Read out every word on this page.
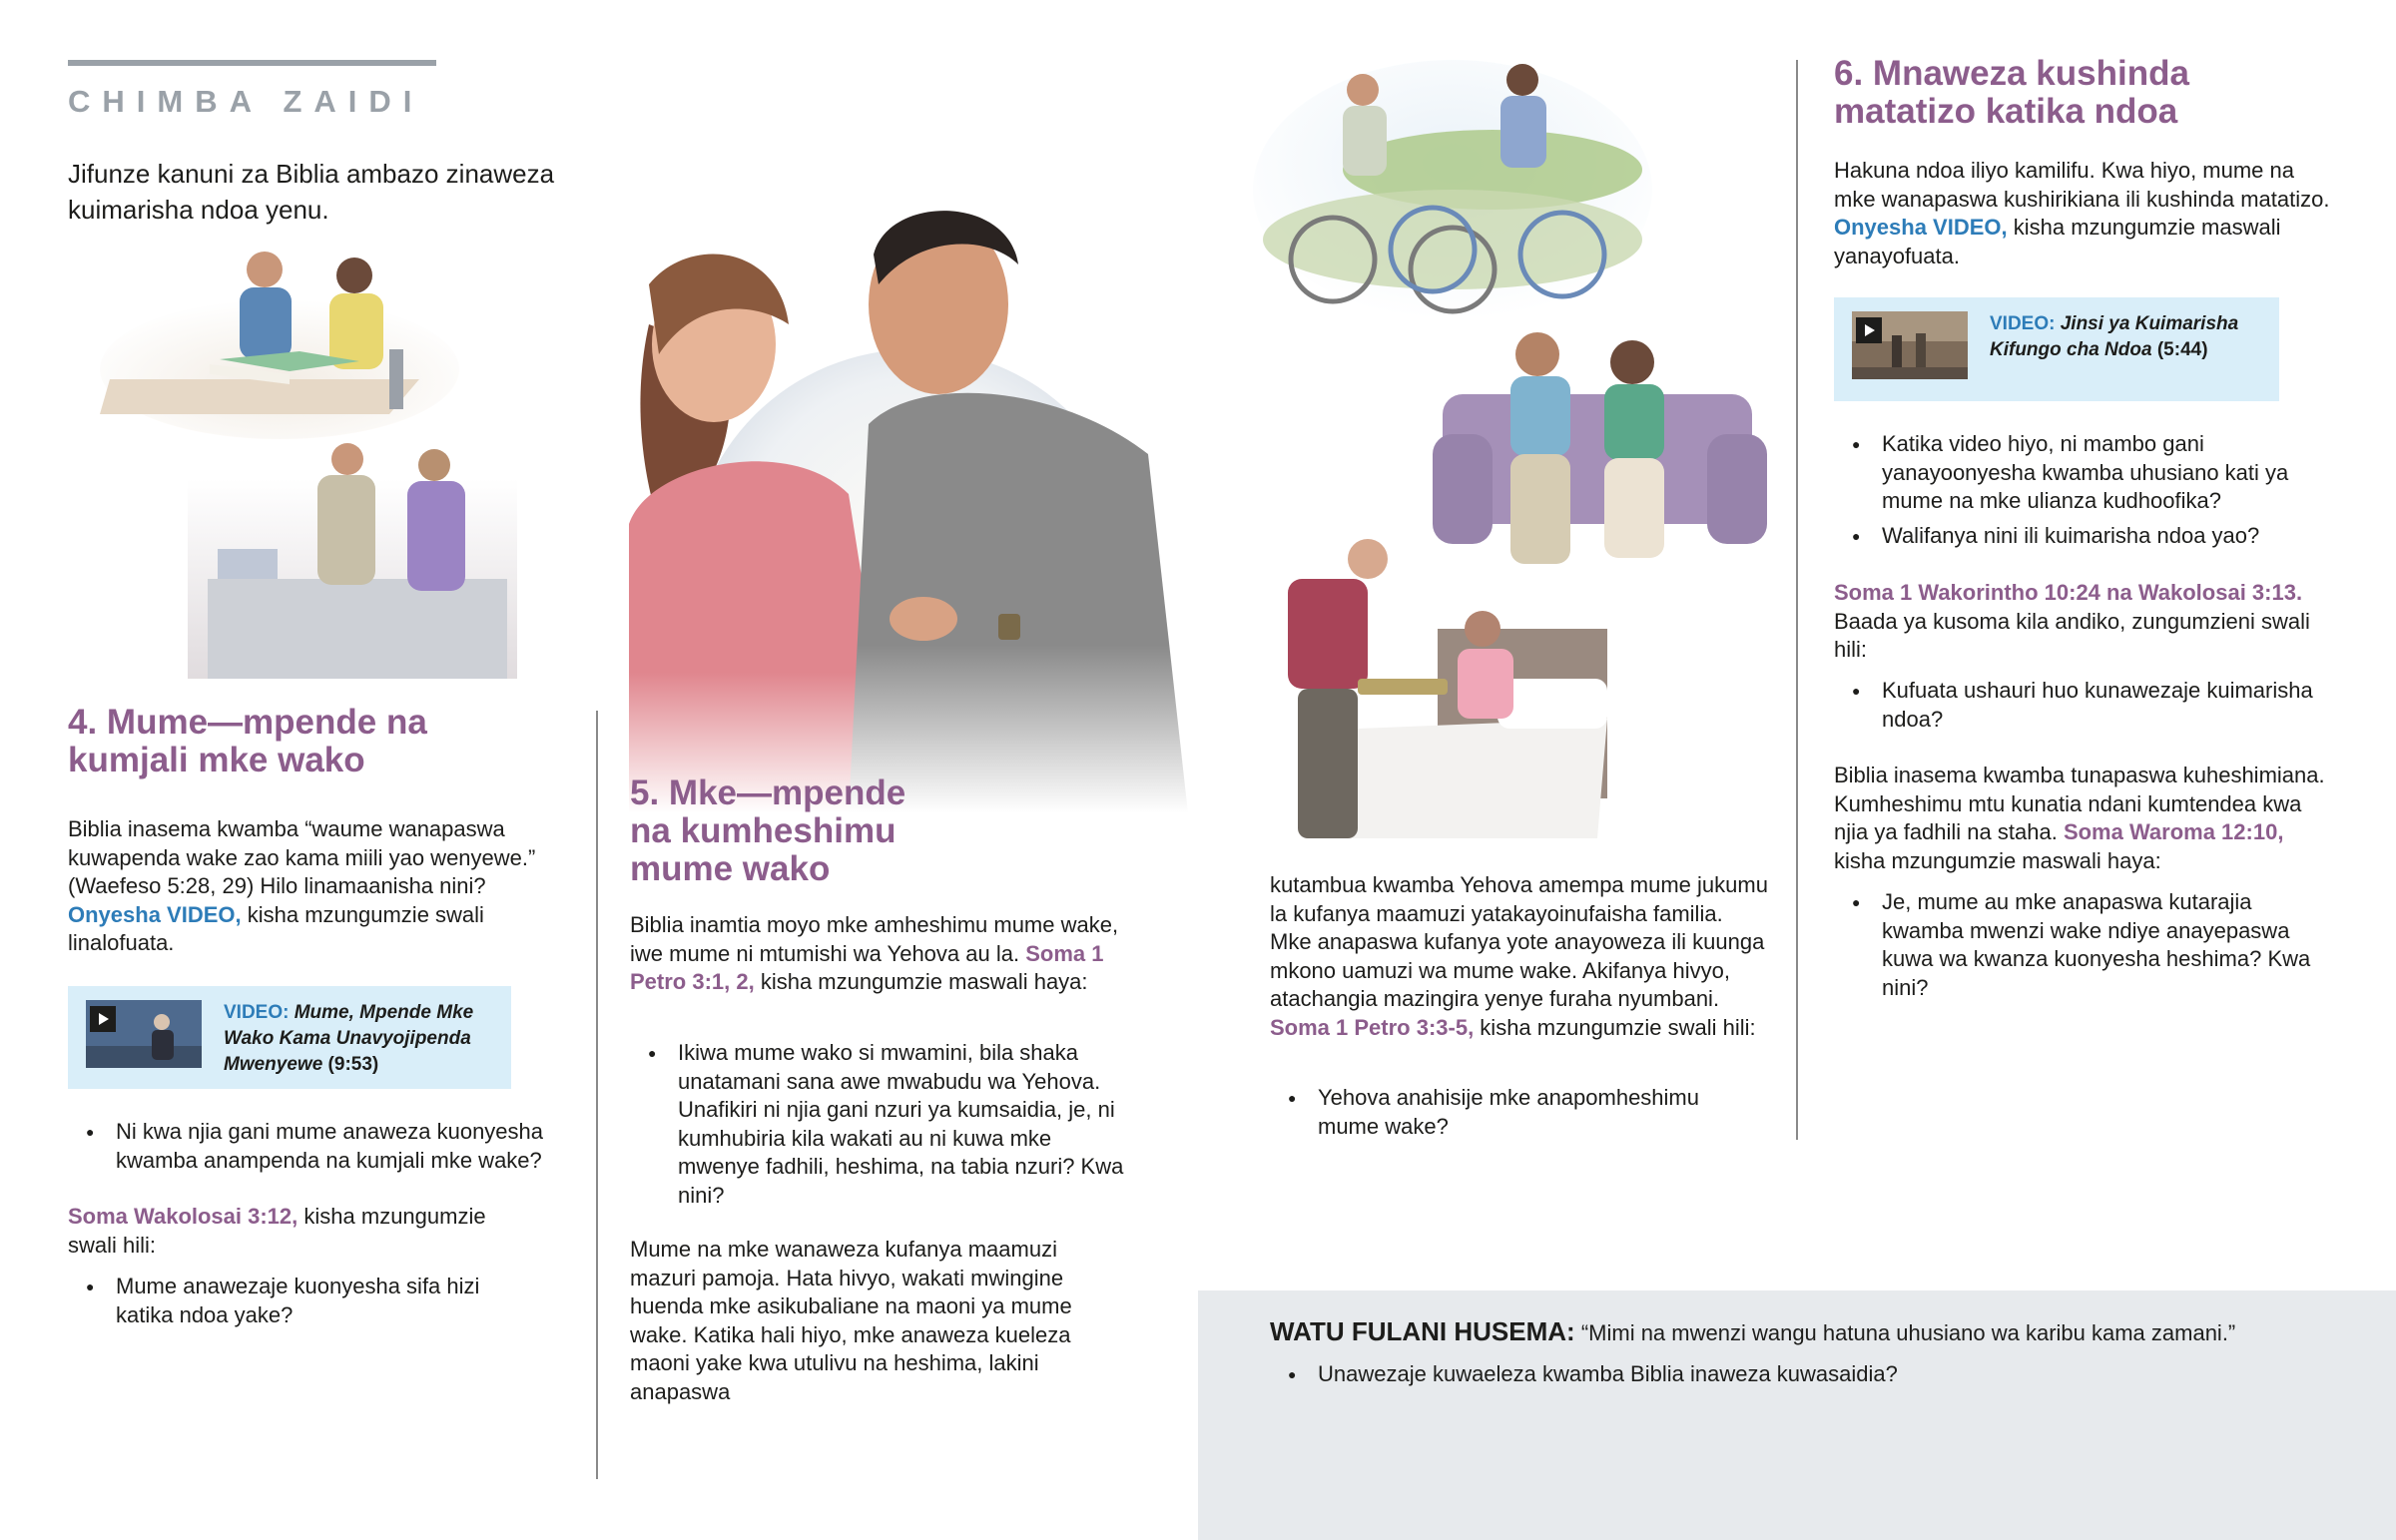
CHIMBA ZAIDI
Jifunze kanuni za Biblia ambazo zinaweza kuimarisha ndoa yenu.
4. Mume—mpende na kumjali mke wako
Biblia inasema kwamba “waume wanapaswa kuwapenda wake zao kama miili yao wenyewe.” (Waefeso 5:28, 29) Hilo linamaanisha nini? Onyesha VIDEO, kisha mzungumzie swali linalofuata.
VIDEO: Mume, Mpende Mke Wako Kama Unavyojipenda Mwenyewe (9:53)
● Ni kwa njia gani mume anaweza kuonyesha kwamba anampenda na kumjali mke wake?
Soma Wakolosai 3:12, kisha mzungumzie swali hili:
● Mume anawezaje kuonyesha sifa hizi katika ndoa yake?
5. Mke—mpende na kumheshimu mume wako
Biblia inamtia moyo mke amheshimu mume wake, iwe mume ni mtumishi wa Yehova au la. Soma 1 Petro 3:1, 2, kisha mzungumzie maswali haya:
● Ikiwa mume wako si mwamini, bila shaka unatamani sana awe mwabudu wa Yehova. Unafikiri ni njia gani nzuri ya kumsaidia, je, ni kumhubiria kila wakati au ni kuwa mke mwenye fadhili, heshima, na tabia nzuri? Kwa nini?
Mume na mke wanaweza kufanya maamuzi mazuri pamoja. Hata hivyo, wakati mwingine huenda mke asikubaliane na maoni ya mume wake. Katika hali hiyo, mke anaweza kueleza maoni yake kwa utulivu na heshima, lakini anapaswa
kutambua kwamba Yehova amempa mume jukumu la kufanya maamuzi yatakayoinufaisha familia. Mke anapaswa kufanya yote anayoweza ili kuunga mkono uamuzi wa mume wake. Akifanya hivyo, atachangia mazingira yenye furaha nyumbani. Soma 1 Petro 3:3-5, kisha mzungumzie swali hili:
● Yehova anahisije mke anapomheshimu mume wake?
6. Mnaweza kushinda matatizo katika ndoa
Hakuna ndoa iliyo kamilifu. Kwa hiyo, mume na mke wanapaswa kushirikiana ili kushinda matatizo. Onyesha VIDEO, kisha mzungumzie maswali yanayofuata.
VIDEO: Jinsi ya Kuimarisha Kifungo cha Ndoa (5:44)
● Katika video hiyo, ni mambo gani yanayoonyesha kwamba uhusiano kati ya mume na mke ulianza kudhoofika?
● Walifanya nini ili kuimarisha ndoa yao?
Soma 1 Wakorintho 10:24 na Wakolosai 3:13. Baada ya kusoma kila andiko, zungumzieni swali hili:
● Kufuata ushauri huo kunawezaje kuimarisha ndoa?
Biblia inasema kwamba tunapaswa kuheshimiana. Kumheshimu mtu kunatia ndani kumtendea kwa njia ya fadhili na staha. Soma Waroma 12:10, kisha mzungumzie maswali haya:
● Je, mume au mke anapaswa kutarajia kwamba mwenzi wake ndiye anayepaswa kuwa wa kwanza kuonyesha heshima? Kwa nini?
WATU FULANI HUSEMA: “Mimi na mwenzi wangu hatuna uhusiano wa karibu kama zamani.”
● Unawezaje kuwaeleza kwamba Biblia inaweza kuwasaidia?
